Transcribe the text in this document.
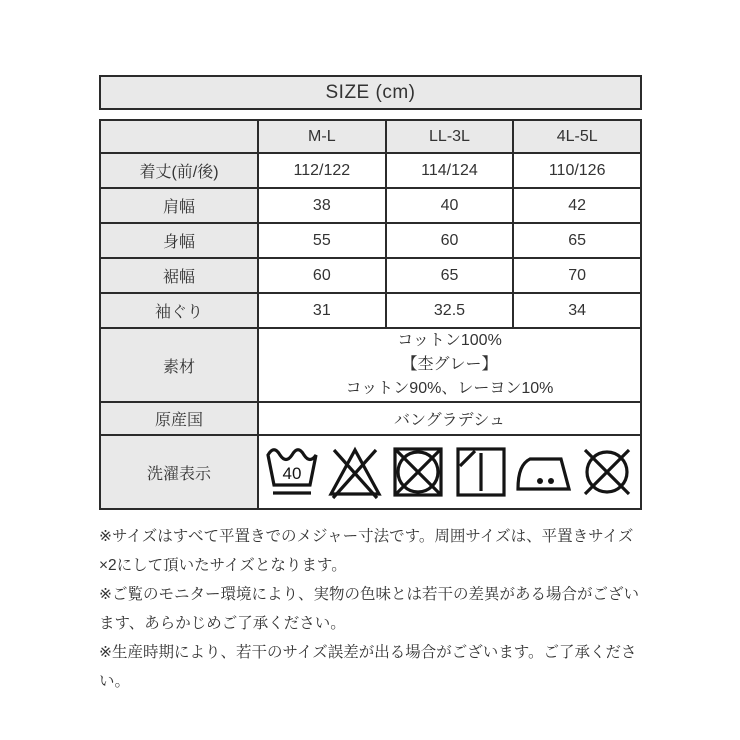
SIZE (cm)
	M-L	LL-3L	4L-5L
着丈(前/後)	112/122	114/124	110/126
肩幅	38	40	42
身幅	55	60	65
裾幅	60	65	70
袖ぐり	31	32.5	34
素材	コットン100%
【杢グレー】
コットン90%、レーヨン10%		

原産国	バングラデシュ		
洗濯表示	40		

※サイズはすべて平置きでのメジャー寸法です。周囲サイズは、平置きサイズ×2にして頂いたサイズとなります。

※ご覧のモニター環境により、実物の色味とは若干の差異がある場合がございます、あらかじめご了承ください。

※生産時期により、若干のサイズ誤差が出る場合がございます。ご了承ください。
